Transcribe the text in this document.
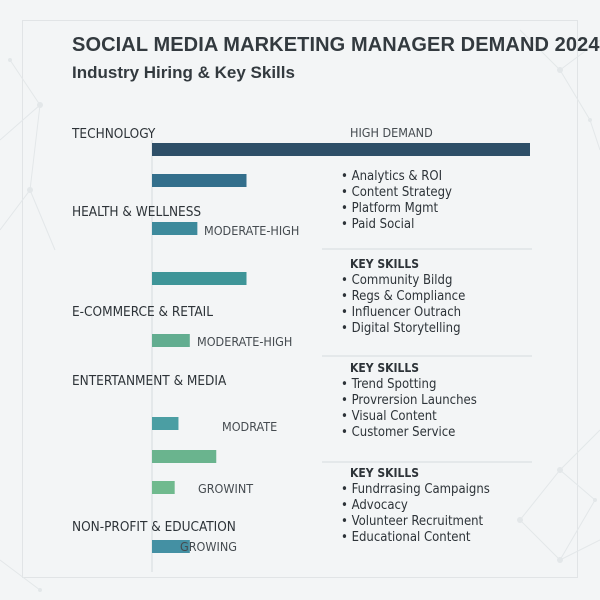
SOCIAL MEDIA MARKETING MANAGER DEMAND 2024
Industry Hiring & Key Skills
TECHNOLOGY	HIGH DEMAND
HEALTH & WELLNESS
MODERATE-HIGH
E-COMMERCE & RETAIL
MODERATE-HIGH
ENTERTANMENT & MEDIA
MODRATE
NON-PROFIT & EDUCATION
GROWINT
GROWING
• Analytics & ROI
• Content Strategy
• Platform Mgmt
• Paid Social
KEY SKILLS
• Community Bildg
• Regs & Compliance
• Influencer Outrach
• Digital Storytelling
KEY SKILLS
• Trend Spotting
• Provrersion Launches
• Visual Content
• Customer Service
KEY SKILLS
• Fundrrasing Campaigns
• Advocacy
• Volunteer Recruitment
• Educational Content
